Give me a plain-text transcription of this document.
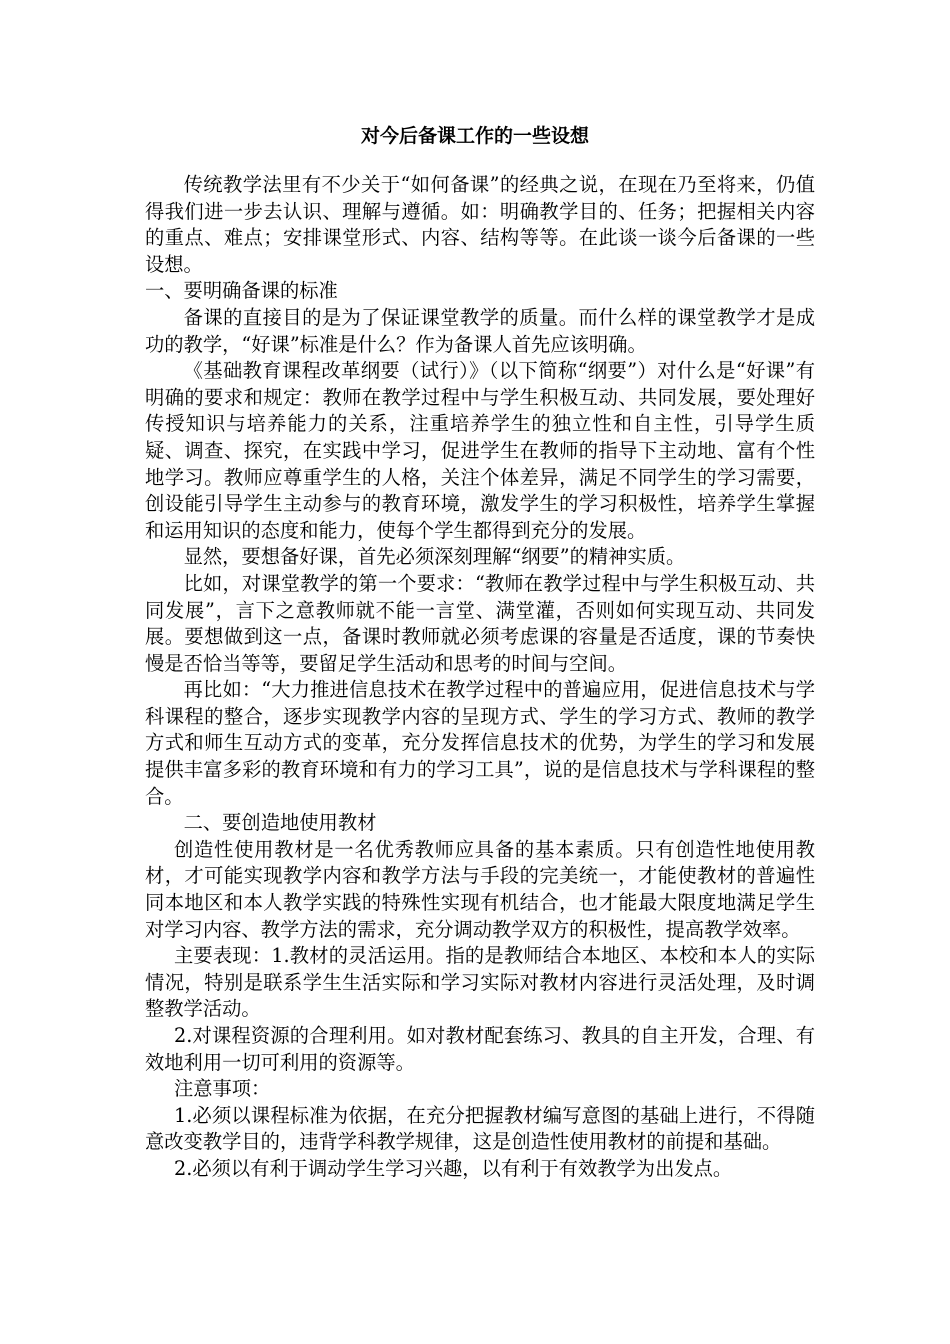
对今后备课工作的一些设想

传统教学法里有不少关于“如何备课”的经典之说，在现在乃至将来，仍值得我们进一步去认识、理解与遵循。如：明确教学目的、任务；把握相关内容的重点、难点；安排课堂形式、内容、结构等等。在此谈一谈今后备课的一些设想。

一、要明确备课的标准

备课的直接目的是为了保证课堂教学的质量。而什么样的课堂教学才是成功的教学，“好课”标准是什么？作为备课人首先应该明确。

《基础教育课程改革纲要（试行）》（以下简称“纲要”）对什么是“好课”有明确的要求和规定：教师在教学过程中与学生积极互动、共同发展，要处理好传授知识与培养能力的关系，注重培养学生的独立性和自主性，引导学生质疑、调查、探究，在实践中学习，促进学生在教师的指导下主动地、富有个性地学习。教师应尊重学生的人格，关注个体差异，满足不同学生的学习需要，创设能引导学生主动参与的教育环境，激发学生的学习积极性，培养学生掌握和运用知识的态度和能力，使每个学生都得到充分的发展。

显然，要想备好课，首先必须深刻理解“纲要”的精神实质。

比如，对课堂教学的第一个要求：“教师在教学过程中与学生积极互动、共同发展”，言下之意教师就不能一言堂、满堂灌，否则如何实现互动、共同发展。要想做到这一点，备课时教师就必须考虑课的容量是否适度，课的节奏快慢是否恰当等等，要留足学生活动和思考的时间与空间。

再比如：“大力推进信息技术在教学过程中的普遍应用，促进信息技术与学科课程的整合，逐步实现教学内容的呈现方式、学生的学习方式、教师的教学方式和师生互动方式的变革，充分发挥信息技术的优势，为学生的学习和发展提供丰富多彩的教育环境和有力的学习工具”，说的是信息技术与学科课程的整合。

二、要创造地使用教材

创造性使用教材是一名优秀教师应具备的基本素质。只有创造性地使用教材，才可能实现教学内容和教学方法与手段的完美统一，才能使教材的普遍性同本地区和本人教学实践的特殊性实现有机结合，也才能最大限度地满足学生对学习内容、教学方法的需求，充分调动教学双方的积极性，提高教学效率。

主要表现：1.教材的灵活运用。指的是教师结合本地区、本校和本人的实际情况，特别是联系学生生活实际和学习实际对教材内容进行灵活处理，及时调整教学活动。

2.对课程资源的合理利用。如对教材配套练习、教具的自主开发，合理、有效地利用一切可利用的资源等。

注意事项：

1.必须以课程标准为依据，在充分把握教材编写意图的基础上进行，不得随意改变教学目的，违背学科教学规律，这是创造性使用教材的前提和基础。

2.必须以有利于调动学生学习兴趣，以有利于有效教学为出发点。
